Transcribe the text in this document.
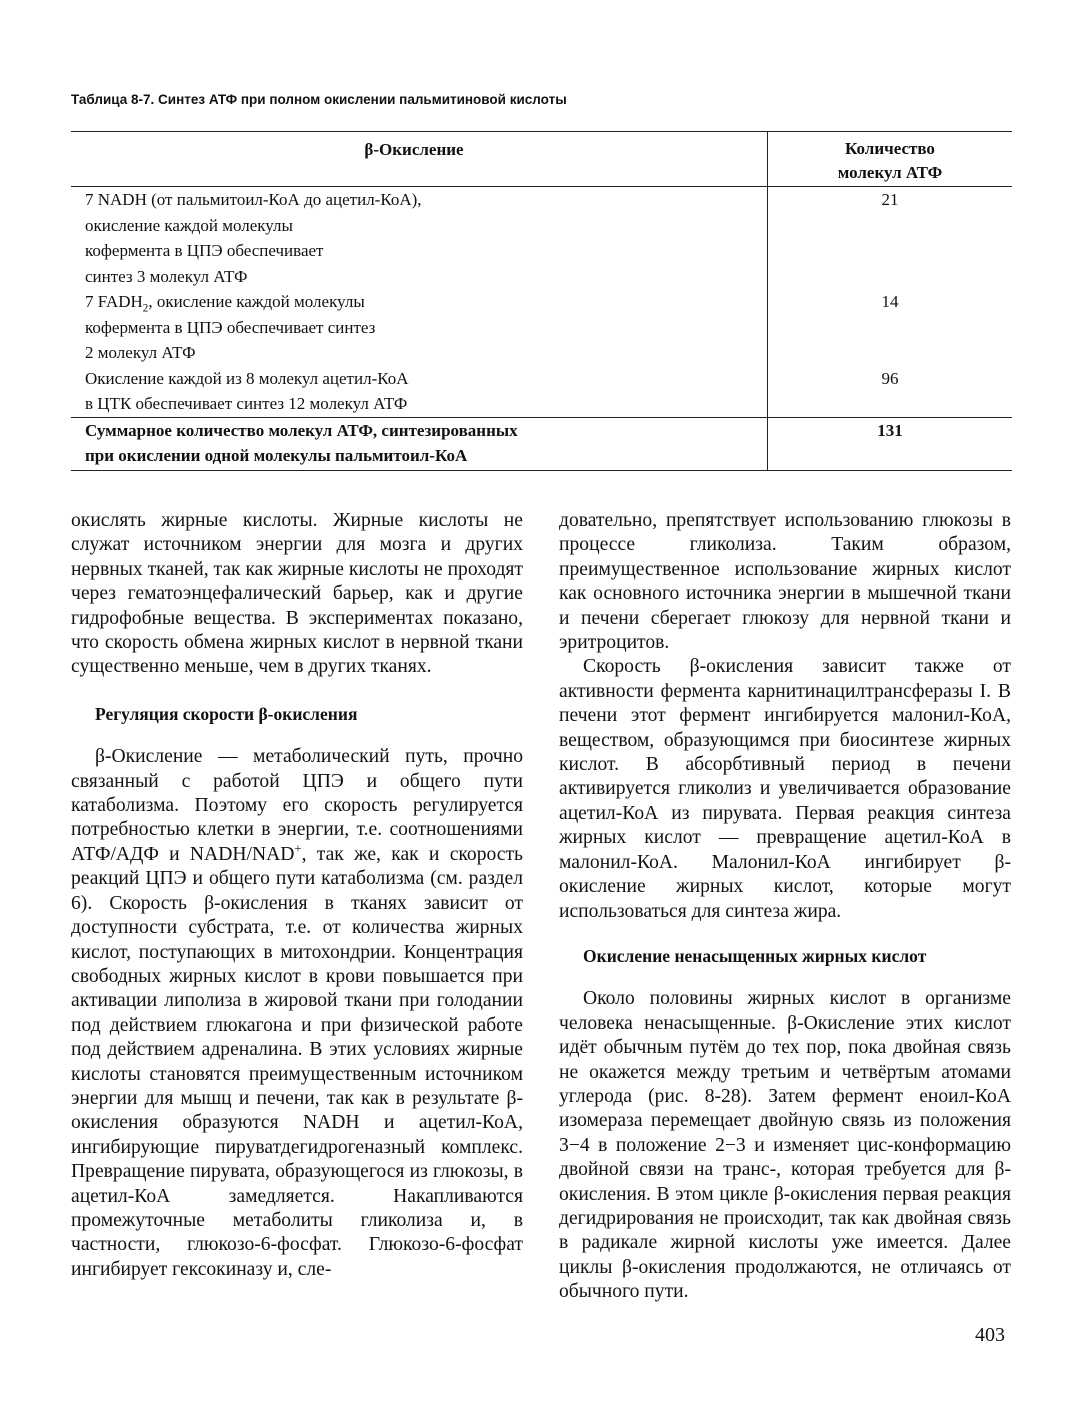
Таблица 8-7. Синтез АТФ при полном окислении пальмитиновой кислоты
β-Окисление	Количество
молекул АТФ
7 NADH (от пальмитоил-КоА до ацетил-КоА),
окисление каждой молекулы
кофермента в ЦПЭ обеспечивает
синтез 3 молекул АТФ	21
7 $FADH_2$, окисление каждой молекулы
кофермента в ЦПЭ обеспечивает синтез
2 молекул АТФ	14
Окисление каждой из 8 молекул ацетил-КоА
в ЦТК обеспечивает синтез 12 молекул АТФ	96
Суммарное количество молекул АТФ, синтезированных
при окислении одной молекулы пальмитоил-КоА	131

окислять жирные кислоты. Жирные кислоты не служат источником энергии для мозга и других нервных тканей, так как жирные кислоты не проходят через гематоэнцефалический барьер, как и другие гидрофобные вещества. В экспериментах показано, что скорость обмена жирных кислот в нервной ткани существенно меньше, чем в других тканях.

Регуляция скорости β-окисления

β-Окисление — метаболический путь, прочно связанный с работой ЦПЭ и общего пути катаболизма. Поэтому его скорость регулируется потребностью клетки в энергии, т.е. соотношениями АТФ/АДФ и NADH/NAD+, так же, как и скорость реакций ЦПЭ и общего пути катаболизма (см. раздел 6). Скорость β-окисления в тканях зависит от доступности субстрата, т.е. от количества жирных кислот, поступающих в митохондрии. Концентрация свободных жирных кислот в крови повышается при активации липолиза в жировой ткани при голодании под действием глюкагона и при физической работе под действием адреналина. В этих условиях жирные кислоты становятся преимущественным источником энергии для мышц и печени, так как в результате β-окисления образуются NADH и ацетил-КоА, ингибирующие пируватдегидрогеназный комплекс. Превращение пирувата, образующегося из глюкозы, в ацетил-КоА замедляется. Накапливаются промежуточные метаболиты гликолиза и, в частности, глюкозо-6-фосфат. Глюкозо-6-фосфат ингибирует гексокиназу и, сле-

довательно, препятствует использованию глюкозы в процессе гликолиза. Таким образом, преимущественное использование жирных кислот как основного источника энергии в мышечной ткани и печени сберегает глюкозу для нервной ткани и эритроцитов.

Скорость β-окисления зависит также от активности фермента карнитинацилтрансферазы I. В печени этот фермент ингибируется малонил-КоА, веществом, образующимся при биосинтезе жирных кислот. В абсорбтивный период в печени активируется гликолиз и увеличивается образование ацетил-КоА из пирувата. Первая реакция синтеза жирных кислот — превращение ацетил-КоА в малонил-КоА. Малонил-КоА ингибирует β-окисление жирных кислот, которые могут использоваться для синтеза жира.

Окисление ненасыщенных жирных кислот

Около половины жирных кислот в организме человека ненасыщенные. β-Окисление этих кислот идёт обычным путём до тех пор, пока двойная связь не окажется между третьим и четвёртым атомами углерода (рис. 8-28). Затем фермент еноил-КоА изомераза перемещает двойную связь из положения 3−4 в положение 2−3 и изменяет цис-конформацию двойной связи на транс-, которая требуется для β-окисления. В этом цикле β-окисления первая реакция дегидрирования не происходит, так как двойная связь в радикале жирной кислоты уже имеется. Далее циклы β-окисления продолжаются, не отличаясь от обычного пути.

403
